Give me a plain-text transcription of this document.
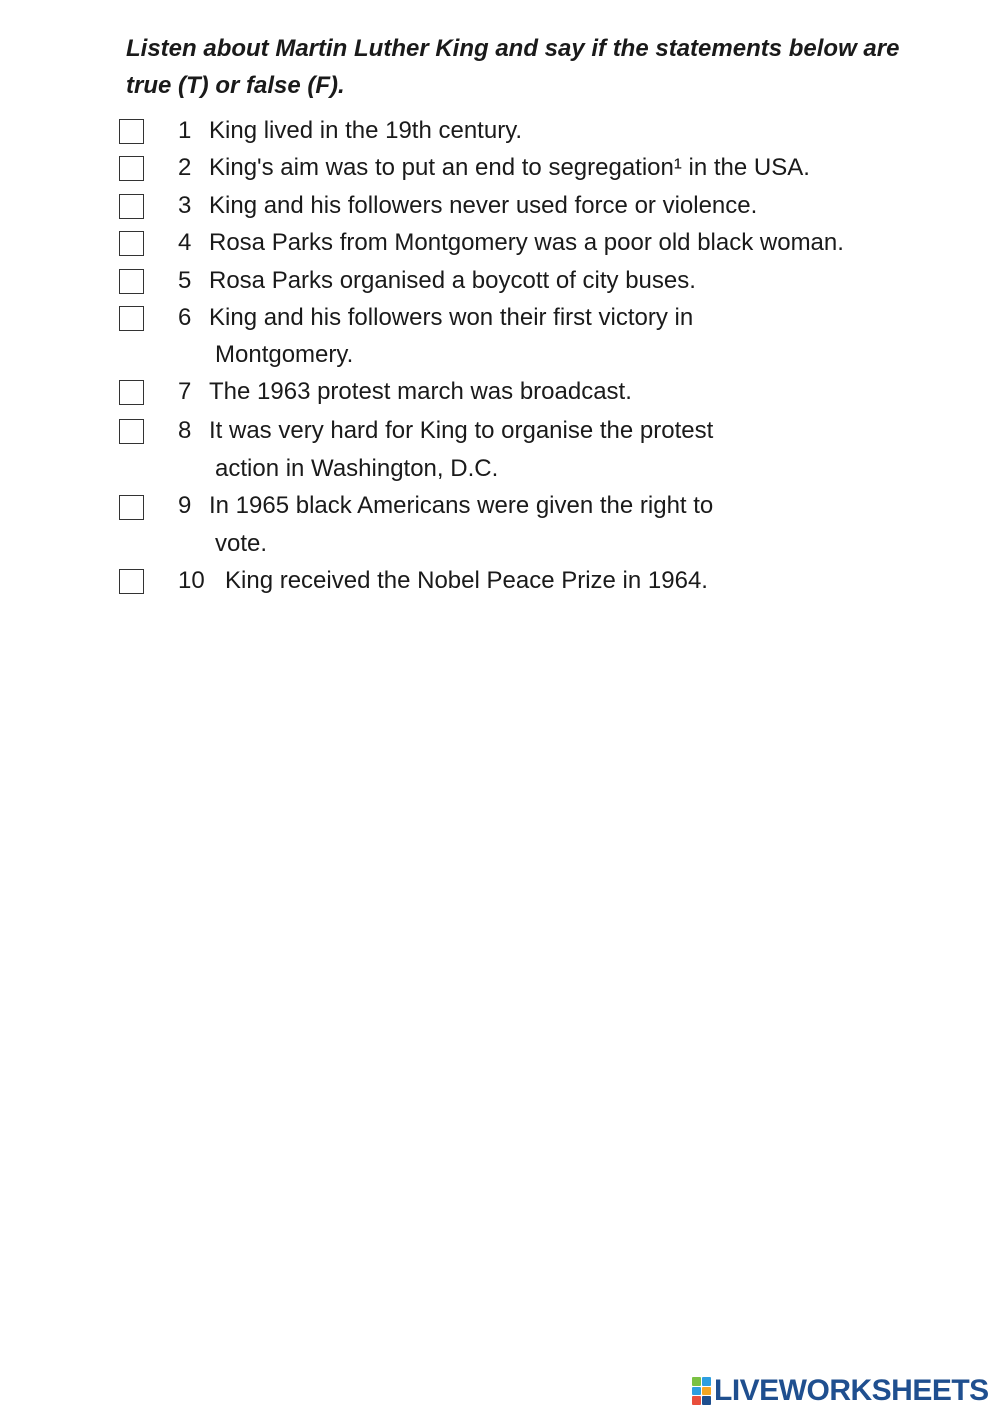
Listen about Martin Luther King and say if the statements below are true (T) or false (F).

1 King lived in the 19th century.
2 King's aim was to put an end to segregation¹ in the USA.
3 King and his followers never used force or violence.
4 Rosa Parks from Montgomery was a poor old black woman.
5 Rosa Parks organised a boycott of city buses.
6 King and his followers won their first victory in
Montgomery.
7 The 1963 protest march was broadcast.
8 It was very hard for King to organise the protest
action in Washington, D.C.
9 In 1965 black Americans were given the right to
vote.
10 King received the Nobel Peace Prize in 1964.
LIVEWORKSHEETS
